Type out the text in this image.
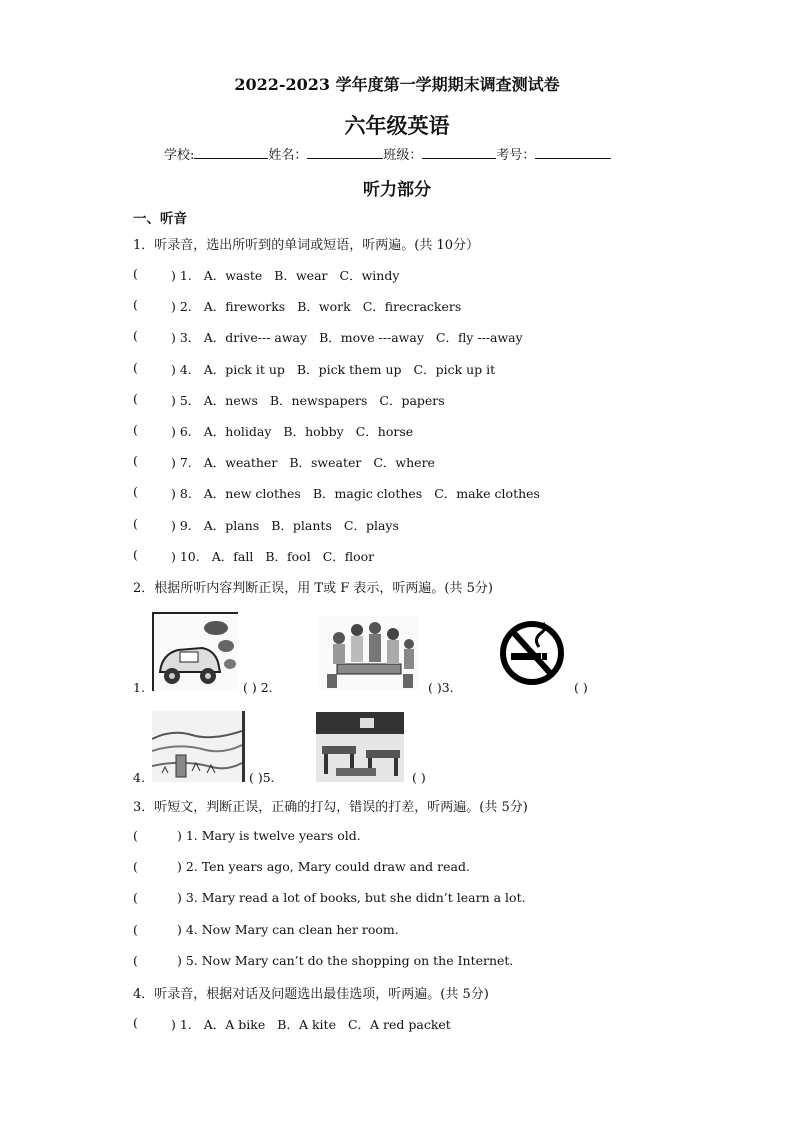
2022-2023 学年度第一学期期末调查测试卷
六年级英语
学校:	姓名：	班级：	考号：
听力部分
一、听音
1．听录音，选出所听到的单词或短语，听两遍。(共 10分）
(	) 1. A．waste B．wear C．windy
(	) 2. A．fireworks B．work C．firecrackers
(	) 3. A．drive--- away B．move ---away C．fly ---away
(	) 4. A．pick it up B．pick them up C．pick up it
(	) 5. A．news B．newspapers C．papers
(	) 6. A．holiday B．hobby C．horse
(	) 7. A．weather B．sweater C．where
(	) 8. A．new clothes B．magic clothes C．make clothes
(	) 9. A．plans B．plants C．plays
(	) 10. A．fall B．fool C．floor
2．根据所听内容判断正误，用 T或 F 表示，听两遍。(共 5分)
1.	( ) 2.	( )3.	( )
4.	( )5.	( )
3．听短文，判断正误，正确的打勾，错误的打差，听两遍。(共 5分)
(	) 1. Mary is twelve years old.
(	) 2. Ten years ago, Mary could draw and read.
(	) 3. Mary read a lot of books, but she didn’t learn a lot.
(	) 4. Now Mary can clean her room.
(	) 5. Now Mary can’t do the shopping on the Internet.
4．听录音，根据对话及问题选出最佳选项，听两遍。(共 5分)
(	) 1. A．A bike B．A kite C．A red packet
